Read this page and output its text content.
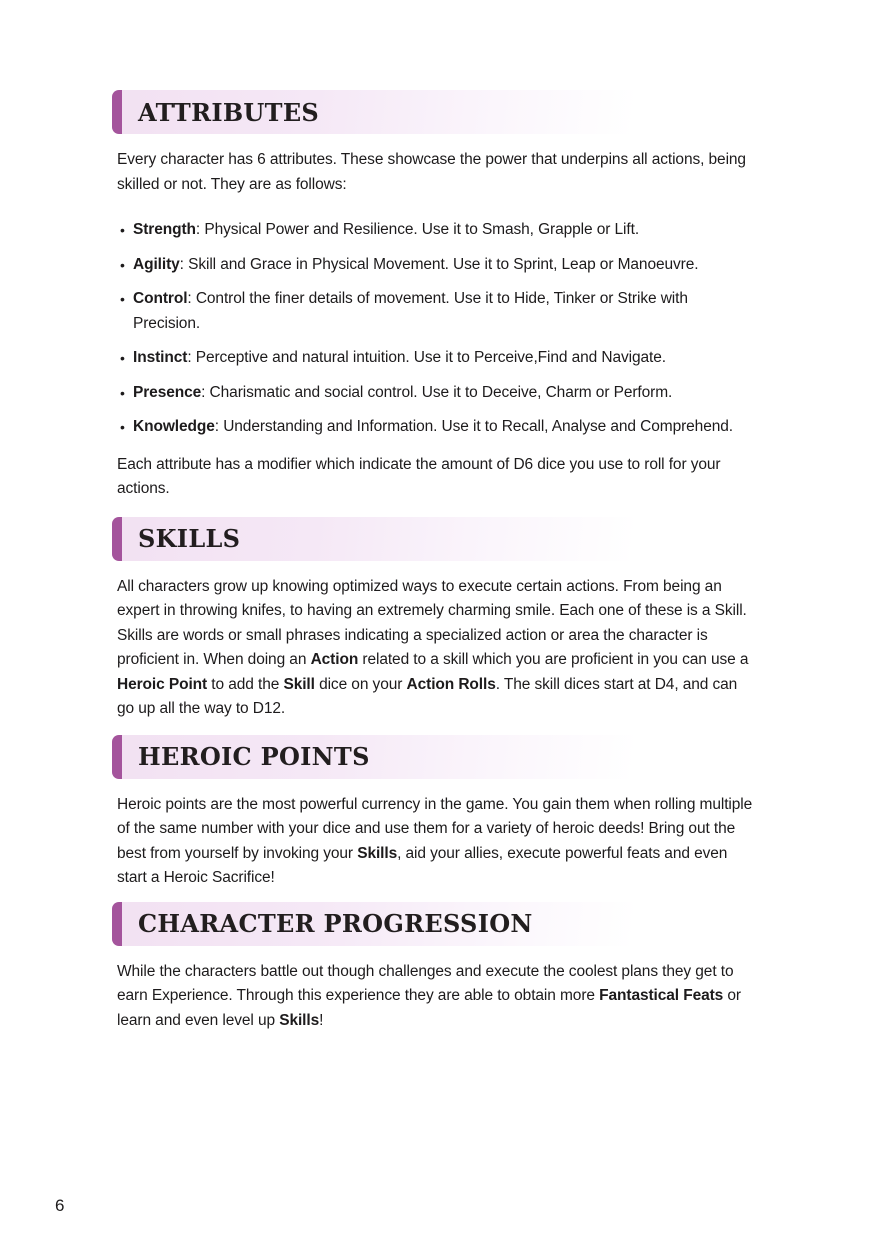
ATTRIBUTES

Every character has 6 attributes. These showcase the power that underpins all actions, being skilled or not. They are as follows:

• Strength: Physical Power and Resilience. Use it to Smash, Grapple or Lift.
• Agility: Skill and Grace in Physical Movement. Use it to Sprint, Leap or Manoeuvre.
• Control: Control the finer details of movement. Use it to Hide, Tinker or Strike with Precision.
• Instinct: Perceptive and natural intuition. Use it to Perceive,Find and Navigate.
• Presence: Charismatic and social control. Use it to Deceive, Charm or Perform.
• Knowledge: Understanding and Information. Use it to Recall, Analyse and Comprehend.

Each attribute has a modifier which indicate the amount of D6 dice you use to roll for your actions.

SKILLS

All characters grow up knowing optimized ways to execute certain actions. From being an expert in throwing knifes, to having an extremely charming smile. Each one of these is a Skill. Skills are words or small phrases indicating a specialized action or area the character is proficient in. When doing an Action related to a skill which you are proficient in you can use a Heroic Point to add the Skill dice on your Action Rolls. The skill dices start at D4, and can go up all the way to D12.

HEROIC POINTS

Heroic points are the most powerful currency in the game. You gain them when rolling multiple of the same number with your dice and use them for a variety of heroic deeds! Bring out the best from yourself by invoking your Skills, aid your allies, execute powerful feats and even start a Heroic Sacrifice!

CHARACTER PROGRESSION

While the characters battle out though challenges and execute the coolest plans they get to earn Experience. Through this experience they are able to obtain more Fantastical Feats or learn and even level up Skills!

6
